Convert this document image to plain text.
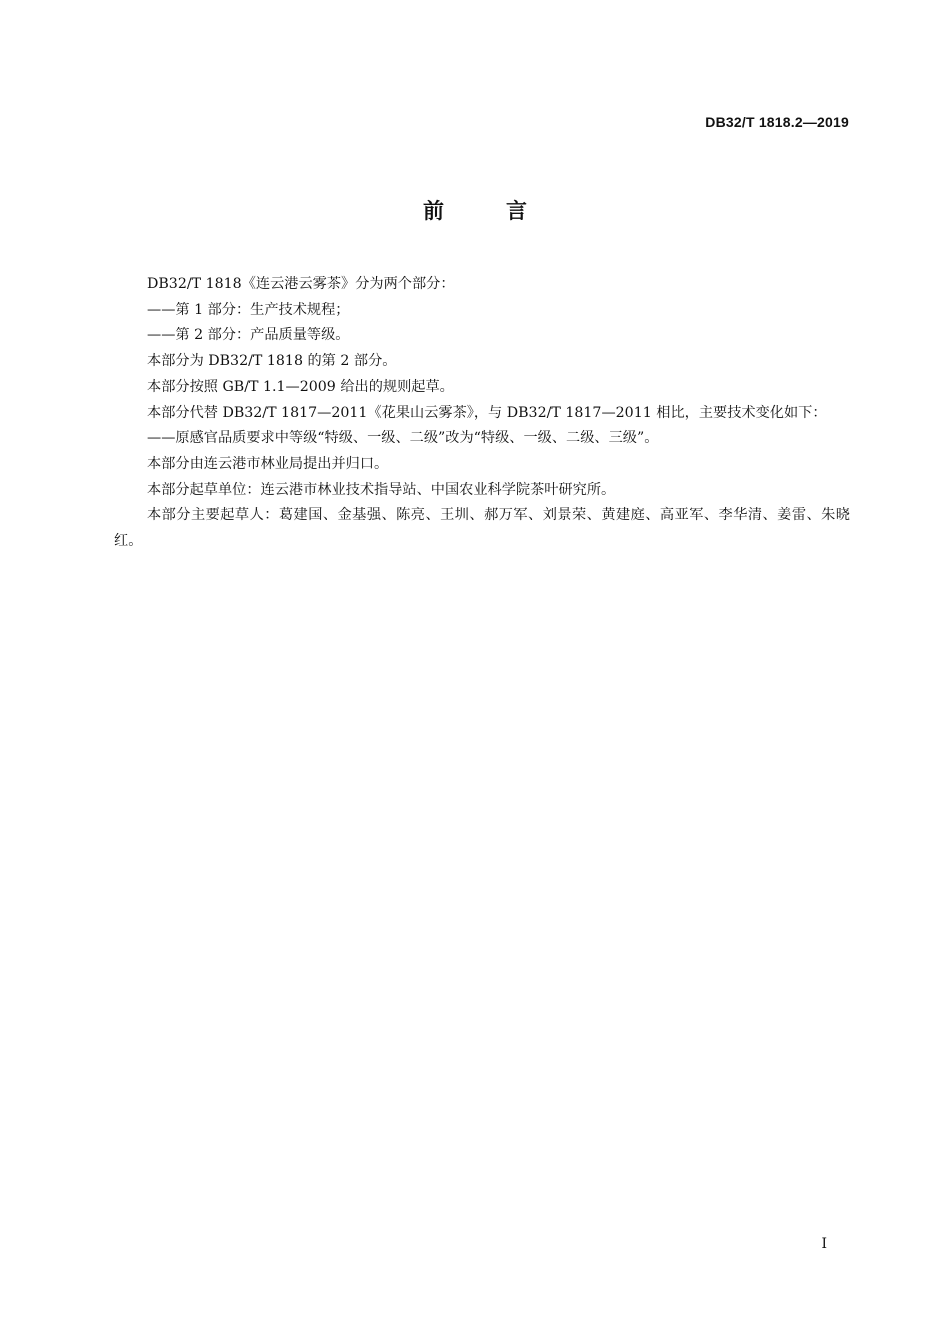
DB32/T 1818.2—2019
前	言

DB32/T 1818《连云港云雾茶》分为两个部分：

——第 1 部分：生产技术规程；

——第 2 部分：产品质量等级。

本部分为 DB32/T 1818 的第 2 部分。

本部分按照 GB/T 1.1—2009 给出的规则起草。

本部分代替 DB32/T 1817—2011《花果山云雾茶》，与 DB32/T 1817—2011 相比，主要技术变化如下：

——原感官品质要求中等级“特级、一级、二级”改为“特级、一级、二级、三级”。

本部分由连云港市林业局提出并归口。

本部分起草单位：连云港市林业技术指导站、中国农业科学院茶叶研究所。

本部分主要起草人：葛建国、金基强、陈亮、王圳、郝万军、刘景荣、黄建庭、高亚军、李华清、姜雷、朱晓红。

I
